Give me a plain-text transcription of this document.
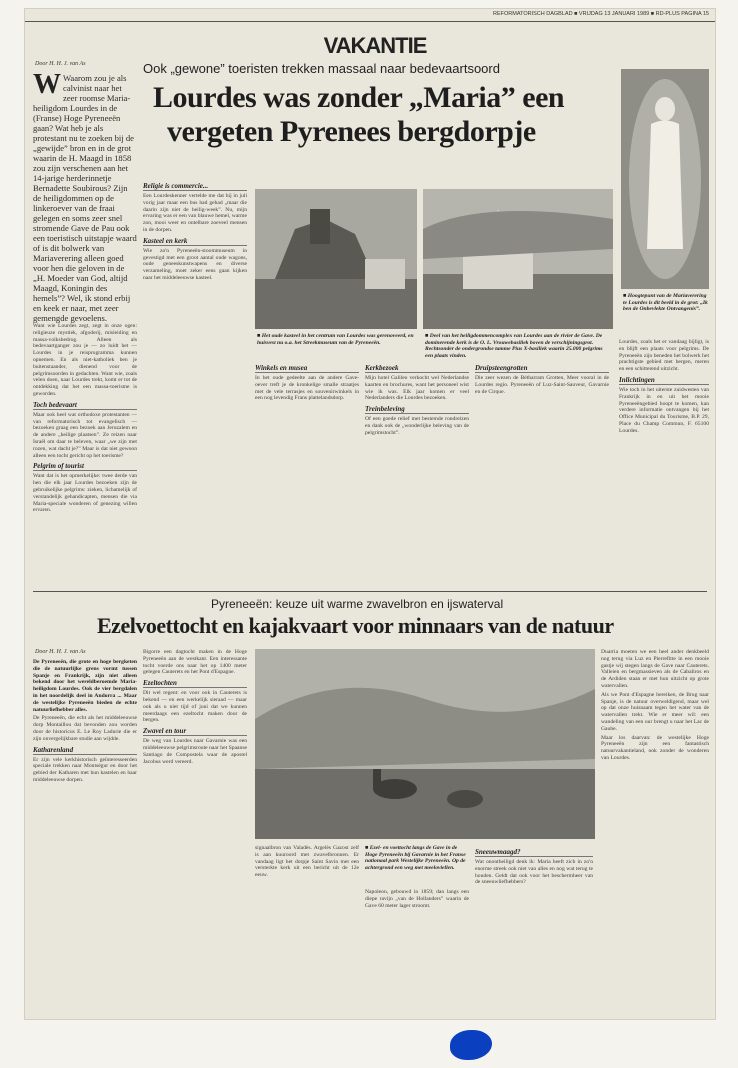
REFORMATORISCH DAGBLAD ■ VRIJDAG 13 JANUARI 1989 ■ RD-PLUS PAGINA 15
VAKANTIE
Ook „gewone” toeristen trekken massaal naar bedevaartsoord
Lourdes was zonder „Maria” een
vergeten Pyrenees bergdorpje
Door H. H. J. van As
W Waarom zou je als calvinist naar het zeer roomse Maria-heiligdom Lourdes in de (Franse) Hoge Pyreneeën gaan? Wat heb je als protestant nu te zoeken bij de „gewijde” bron en in de grot waarin de H. Maagd in 1858 zou zijn verschenen aan het 14-jarige herderinnetje Bernadette Soubirous? Zijn de heiligdommen op de linkeroever van de fraai gelegen en soms zeer snel stromende Gave de Pau ook een toeristisch uitstapje waard of is dit bolwerk van Mariaverering alleen goed voor hen die geloven in de „H. Moeder van God, altijd Maagd, Koningin des hemels”? Wel, ik stond erbij en keek er naar, met zeer gemengde gevoelens.

Want wie Lourdes zegt, zegt in onze ogen: religieuze mystiek, afgoderij, misleiding en massa-volksbedrog. Alleen als bedevaartganger zou je — zo luidt het — Lourdes in je reisprogramma kunnen opnemen. En als niet-katholiek ben je buitenstaander, dienend voor de pelgrimsoorden in gedachten. Want wie, zoals velen doen, naar Lourdes trekt, komt er tot de ontdekking dat het een massa-toerisme is geworden.

Toch bedevaart

Maar ook heel wat orthodoxe protestanten — van reformatorisch tot evangelisch — bezoeken graag een bezoek aan Jeruzalem en de andere „heilige plaatsen”. Ze reizen naar Israël om daar te beleven, waar „we zijn met rozen, wat dacht je?” Maar is dat niet gewoon alleen een tocht gericht op het toerisme?

Pelgrim of tourist

Want dat is het opmerkelijke: twee derde van hen die elk jaar Lourdes bezoeken zijn de gebruikelijke pelgrims: zieken, lichamelijk of verstandelijk gehandicapten, mensen die via Maria-speciale wonderen of genezing willen ervaren.

Religie is commercie...

Een Lourdeskenner vertelde me dat hij in juli vorig jaar maar een bus had gehad „maar die daarin zijn niet de heilig-week”. Nu, mijn ervaring was er een van blauwe hemel, warme zon, mooi weer en ontelbare zoeveel mensen in de dorpen.

Kasteel en kerk

Wie zo'n Pyreneeën-stoommuseum in gevestigd met een groot aantal oude wagons, oude geneeskunstwapens en diverse verzameling, moet zeker eens gaan kijken naar het middeleeuwse kasteel.

■ Het oude kasteel in het centrum van Lourdes was gerenoveerd, en huisvest nu o.a. het Streekmuseum van de Pyreneeën.
■ Deel van het heiligdommencomplex van Lourdes aan de rivier de Gave. De dominerende kerk is de O. L. Vrouwebasiliek boven de verschijningsgrot. Rechtsonder de ondergrondse tamme Pius X-basiliek waarin 25.000 pelgrims een plaats vinden.
■ Hoogtepunt van de Mariaverering te Lourdes is dit beeld in de grot: „Ik ben de Onbevlekte Ontvangenis”.
Winkels en musea

In het oude gedeelte aan de andere Gave-oever treft je de kronkelige smalle straatjes met de vele terrasjes en souvenirwinkels in een nog levendig Frans plattelandsdorp.

Kerkbezoek

Mijn hotel Galileo verkocht wel Nederlandse kaarten en brochures, want het personeel wist wie ik was. Elk jaar komen er veel Nederlanders die Lourdes bezoeken.

Treinbeleving

Of een goede relief met bestemde rondreizen en dank ook de „wonderlijke beleving van de pelgrimstocht”.

Druipsteengrotten

Die zeer wezen de Bétharram Grotten, Meer vooral in de Lourdes regio. Pyreneeën of Luz-Saint-Sauveur, Gavarnie en de Cirque.

Lourdes, zoals het er vandaag bijligt, is en blijft een plaats voor pelgrims. De Pyreneeën zijn beneden het bolwerk het prachtigste gebied met bergen, meren en een schitterend uitzicht.

Inlichtingen

Wie toch in het uiterste zuidwesten van Frankrijk in en uit het mooie Pyreneeëngebied hoopt te komen, kan verdere informatie ontvangen bij het Office Municipal du Tourisme, B.P. 29, Place du Champ Commun, F. 65100 Lourdes.

Pyreneeën: keuze uit warme zwavelbron en ijswaterval
Ezelvoettocht en kajakvaart voor minnaars van de natuur
Door H. H. J. van As

De Pyreneeën, die grote en hoge bergketen die de natuurlijke grens vormt tussen Spanje en Frankrijk, zijn niet alleen bekend door het wereldberoemde Maria-heiligdom Lourdes. Ook de vier bergdalen in het noordelijk deel in Andorra ... Maar de westelijke Pyreneeën bieden de echte natuurliefhebber alles.

De Pyreneeën, die echt als het middeleeuwse dorp Montaillou dat bevonden zou worden door de historicus E. Le Roy Ladurie die er zijn onvergelijkbare studie aan wijdde.

Katharenland

Er zijn vele kerkhistorisch geïnteresseerden speciale trekken naar Montségur en door het gebied der Katharen met hun kastelen en haar middeleeuwse dorpen.

Bigorre een dagtocht maken in de Hoge Pyreneeën aan de westkant. Een interessante tocht voerde ons naar het op 1400 meter gelegen Cauterets en het Pont d'Espagne.

Ezeltochten

Dit wel regent: en voor ook in Cauterets is bekend — en een werkelijk sieraad — maar ook als u niet tijd of juni dat we kunnen meerdaags een ezeltocht maken door de bergen.

Zwavel en tour

De weg van Lourdes naar Gavarnie was een middeleeuwse pelgrimsroute naar het Spaanse Santiago de Compostela waar de apostel Jacobus werd vereerd.

signaalbron van Valadès. Argelès Gazost zelf is aan kuuroord met zwavelbronnen. Er vandaag ligt het dorpje Saint Savin met een versterkte kerk uit een bericht uit de 12e eeuw.

■ Ezel- en voettocht langs de Gave in de Hoge Pyreneeën bij Gavarnie in het Franse nationaal park Westelijke Pyreneeën. Op de achtergrond een weg met meeloviellen.

Napoleon, gebouwd in 1859; dan langs een diepe ravijn „van de Hollanders” waarin de Gave 60 meter lager stroomt.

Sneeuwmaagd?

Wat onontheiligd denk ik: Maria heeft zich in zo'n enorme streek ook niet van alles en nog wat terug te houden. Geldt dat ook voor het beschermheer van de sneeuwliefhebbers?

Duarria moeten we een heel ander denkbeeld nog terug via Luz en Pierrefitte in een mooie gastje wij stegen langs de Gave naar Cauterets. Valleien en bergmassieven als de Cabaliros en de Ardiden staan er met hun uitzicht op grote watervallen.

Als we Pont d'Espagne bereiken, de Brug naar Spanje, is de natuur overweldigend, maar wel op dat onze huisnaam tegen het water van de watervallen trekt. Wie er meer wil: een wandeling van een uur brengt u naar het Lac de Gaube.

Maar los daarvan: de westelijke Hoge Pyreneeën zijn een fantastisch natuurvakantieland, ook zonder de wonderen van Lourdes.
